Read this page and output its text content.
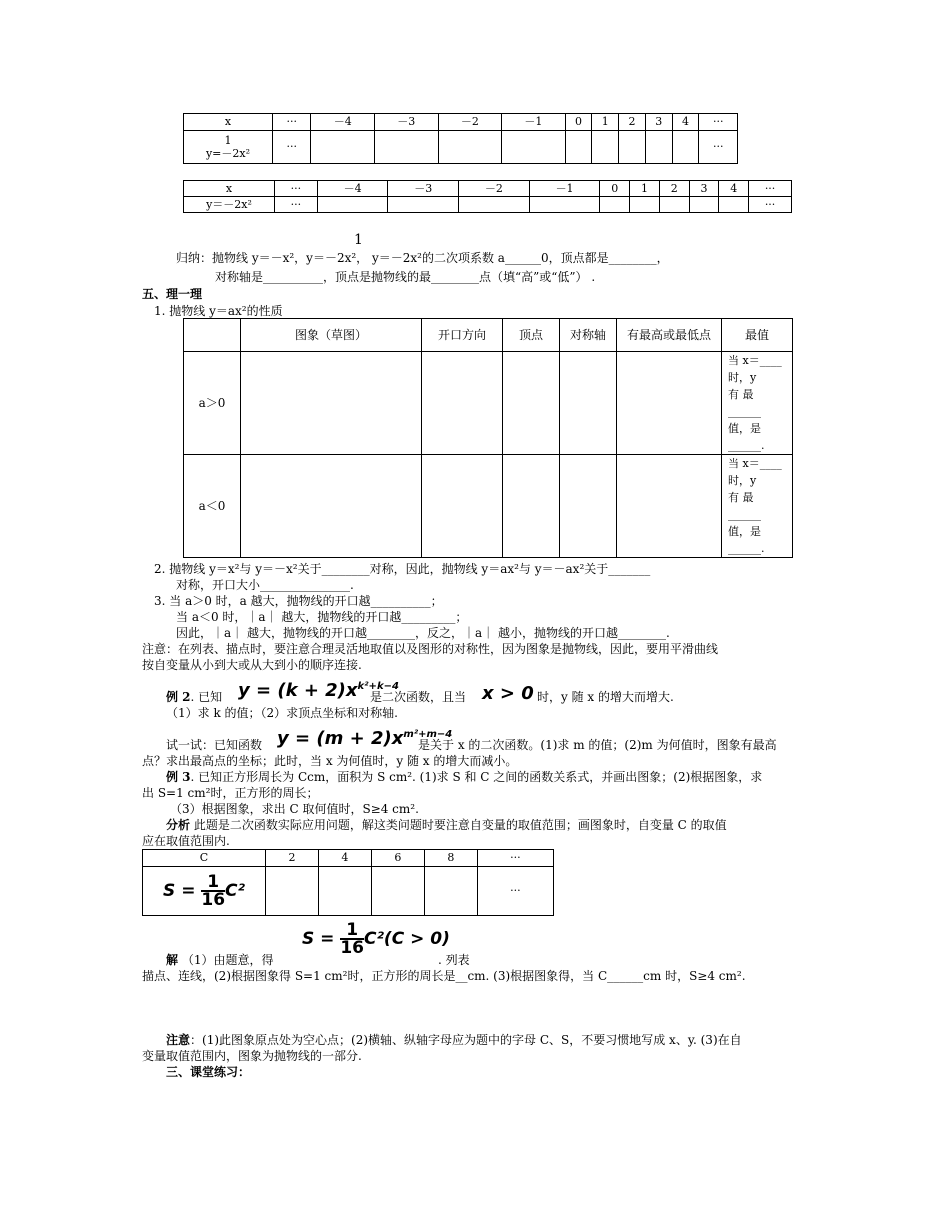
x	···	－4	－3	－2	－1	0	1	2	3	4	···
1
y=－2x²	···										···
x	···	－4	－3	－2	－1	0	1	2	3	4	···
y＝－2x²	···										···
1
归纳：抛物线 y＝－x²，y＝－2x²， y＝－2x²的二次项系数 a______0，顶点都是________，
对称轴是__________，顶点是抛物线的最________点（填“高”或“低”） .
五、理一理
1. 抛物线 y＝ax²的性质
	图象（草图）	开口方向	顶点	对称轴	有最高或最低点	最值
a＞0						当 x＝____时，y
有 最 ______
值，是______.
a＜0						当 x＝____时，y
有 最 ______
值，是______.
2. 抛物线 y＝x²与 y＝－x²关于________对称，因此，抛物线 y＝ax²与 y＝－ax²关于_______
对称，开口大小_______________.
3. 当 a＞0 时，a 越大，抛物线的开口越__________；
当 a＜0 时，｜a｜ 越大，抛物线的开口越_________；
因此，｜a｜ 越大，抛物线的开口越________，反之，｜a｜ 越小，抛物线的开口越________.
注意：在列表、描点时，要注意合理灵活地取值以及图形的对称性，因为图象是抛物线，因此，要用平滑曲线
按自变量从小到大或从大到小的顺序连接.
例 2. 已知 $y = (k + 2)x^{k^2+k-4}$
是二次函数，且当 x > 0 时，y 随 x 的增大而增大.
（1）求 k 的值；（2）求顶点坐标和对称轴.
试一试：已知函数 $y = (m + 2)x^{m^2+m-4}$
是关于 x 的二次函数。(1)求 m 的值；(2)m 为何值时，图象有最高
点？求出最高点的坐标；此时，当 x 为何值时，y 随 x 的增大而减小。
例 3. 已知正方形周长为 Ccm，面积为 S cm². (1)求 S 和 C 之间的函数关系式，并画出图象；(2)根据图象，求
出 S=1 cm²时，正方形的周长；
（3）根据图象，求出 C 取何值时，S≥4 cm².
分析 此题是二次函数实际应用问题，解这类问题时要注意自变量的取值范围；画图象时，自变量 C 的取值
应在取值范围内.
C	2	4	6	8	···
$S = \frac{1}{16} C^2$					···
$S = \frac{1}{16} C^2(C > 0)$
解 （1）由题意，得	. 列表
描点、连线，(2)根据图象得 S=1 cm²时，正方形的周长是__cm. (3)根据图象得，当 C______cm 时，S≥4 cm².
注意：(1)此图象原点处为空心点；(2)横轴、纵轴字母应为题中的字母 C、S，不要习惯地写成 x、y. (3)在自
变量取值范围内，图象为抛物线的一部分.
三、课堂练习：
